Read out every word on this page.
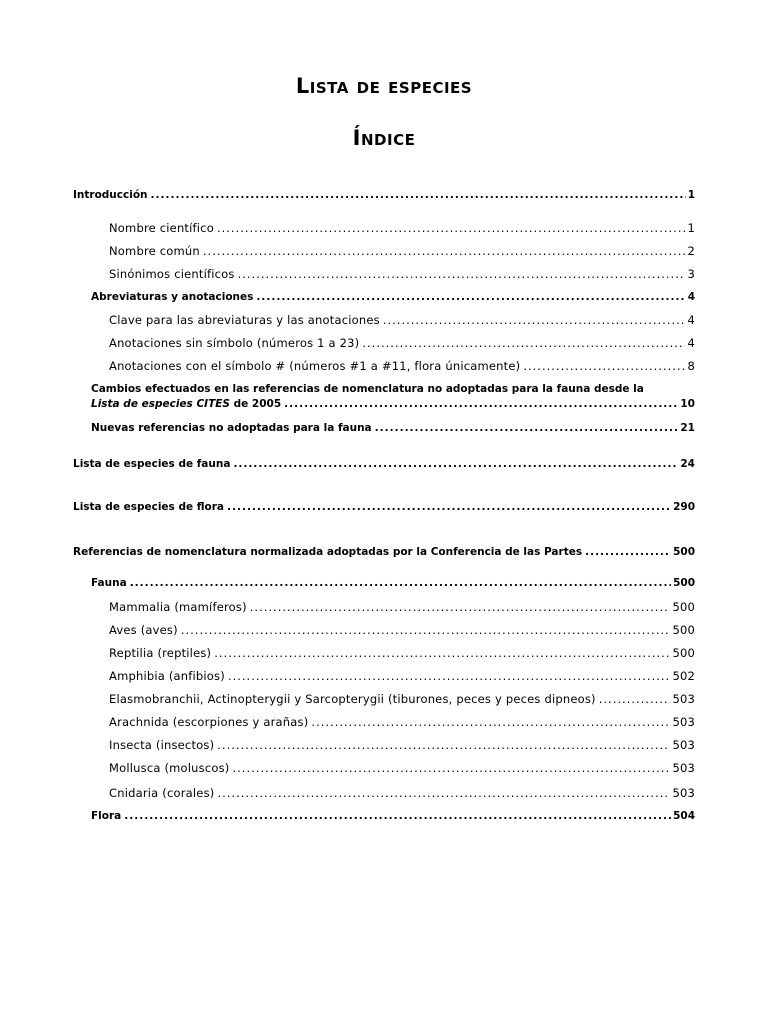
Lista de especies
Índice
Introducción .....	1
Nombre científico .....	1
Nombre común .....	2
Sinónimos científicos .....	3
Abreviaturas y anotaciones .....	4
Clave para las abreviaturas y las anotaciones .....	4
Anotaciones sin símbolo (números 1 a 23) .....	4
Anotaciones con el símbolo # (números #1 a #11, flora únicamente) .....	8
Cambios efectuados en las referencias de nomenclatura no adoptadas para la fauna desde la
Lista de especies CITES de 2005 .....	10
Nuevas referencias no adoptadas para la fauna .....	21
Lista de especies de fauna .....	24
Lista de especies de flora .....	290
Referencias de nomenclatura normalizada adoptadas por la Conferencia de las Partes .....	500
Fauna .....	500
Mammalia (mamíferos) .....	500
Aves (aves) .....	500
Reptilia (reptiles) .....	500
Amphibia (anfibios) .....	502
Elasmobranchii, Actinopterygii y Sarcopterygii (tiburones, peces y peces dipneos) .....	503
Arachnida (escorpiones y arañas) .....	503
Insecta (insectos) .....	503
Mollusca (moluscos) .....	503
Cnidaria (corales) .....	503
Flora .....	504
